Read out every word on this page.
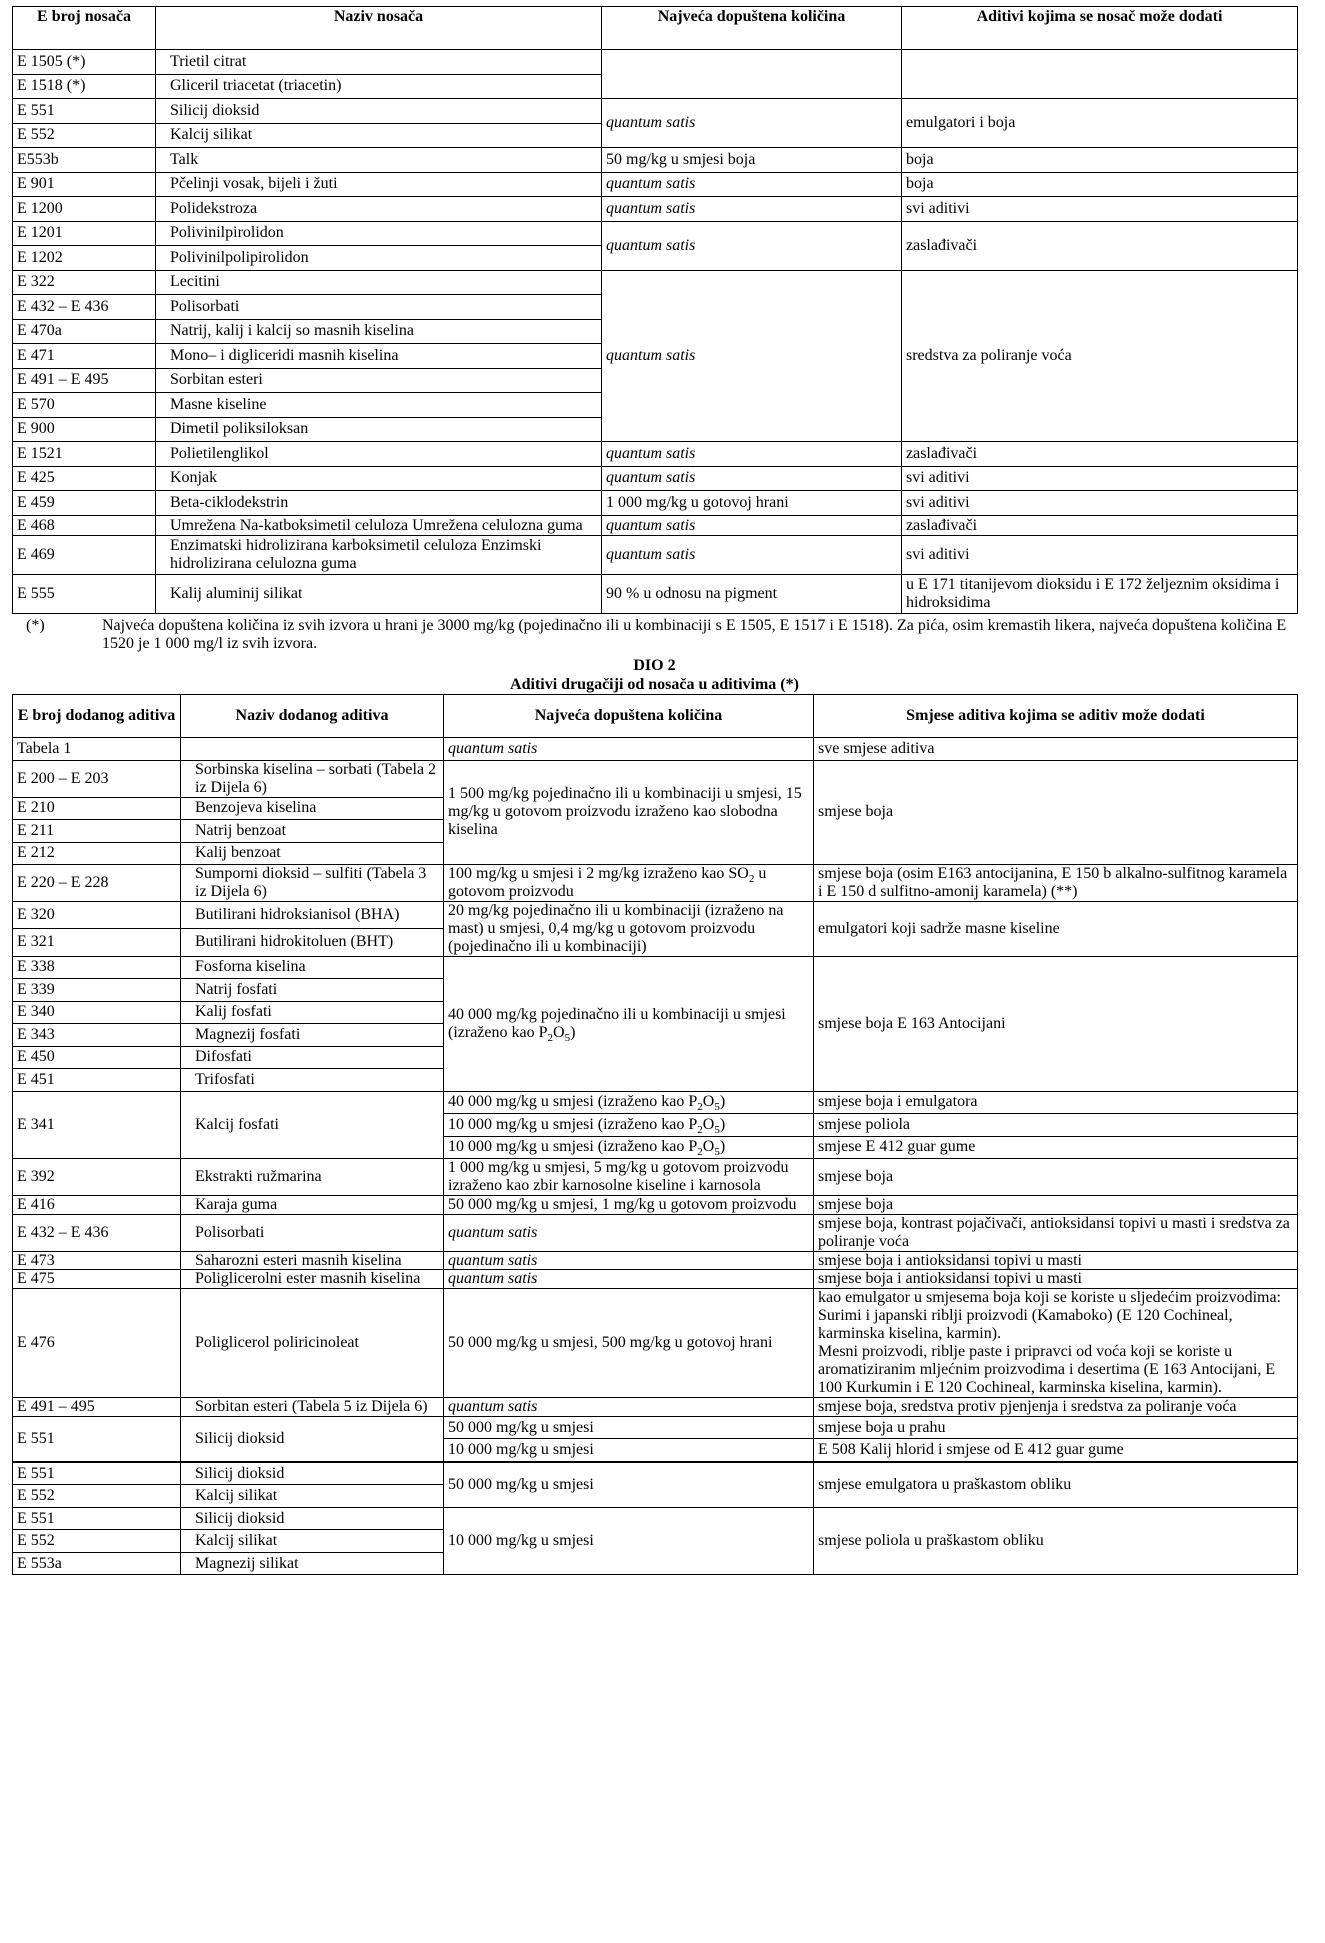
E broj nosača	Naziv nosača	Najveća dopuštena količina	Aditivi kojima se nosač može dodati
E 1505 (*)	Trietil citrat		
E 1518 (*)	Gliceril triacetat (triacetin)		
E 551	Silicij dioksid	quantum satis	emulgatori i boja
E 552	Kalcij silikat		
E553b	Talk	50 mg/kg u smjesi boja	boja
E 901	Pčelinji vosak, bijeli i žuti	quantum satis	boja
E 1200	Polidekstroza	quantum satis	svi aditivi
E 1201	Polivinilpirolidon	quantum satis	zaslađivači
E 1202	Polivinilpolipirolidon		
E 322	Lecitini	quantum satis	sredstva za poliranje voća
E 432 – E 436	Polisorbati		
E 470a	Natrij, kalij i kalcij so masnih kiselina		
E 471	Mono– i digliceridi masnih kiselina		
E 491 – E 495	Sorbitan esteri		
E 570	Masne kiseline		
E 900	Dimetil poliksiloksan		
E 1521	Polietilenglikol	quantum satis	zaslađivači
E 425	Konjak	quantum satis	svi aditivi
E 459	Beta-ciklodekstrin	1 000 mg/kg u gotovoj hrani	svi aditivi
E 468	Umrežena Na-katboksimetil celuloza Umrežena celulozna guma	quantum satis	zaslađivači
E 469	Enzimatski hidrolizirana karboksimetil celuloza Enzimski hidrolizirana celulozna guma	quantum satis	svi aditivi
E 555	Kalij aluminij silikat	90 % u odnosu na pigment	u E 171 titanijevom dioksidu i E 172 željeznim oksidima i hidroksidima
(*)	Najveća dopuštena količina iz svih izvora u hrani je 3000 mg/kg (pojedinačno ili u kombinaciji s E 1505, E 1517 i E 1518). Za pića, osim kremastih likera, najveća dopuštena količina E 1520 je 1 000 mg/l iz svih izvora.
DIO 2
Aditivi drugačiji od nosača u aditivima (*)
E broj dodanog aditiva	Naziv dodanog aditiva	Najveća dopuštena količina	Smjese aditiva kojima se aditiv može dodati
Tabela 1		quantum satis	sve smjese aditiva
E 200 – E 203	Sorbinska kiselina – sorbati (Tabela 2 iz Dijela 6)	1 500 mg/kg pojedinačno ili u kombinaciji u smjesi, 15 mg/kg u gotovom proizvodu izraženo kao slobodna kiselina	smjese boja
E 210	Benzojeva kiselina		
E 211	Natrij benzoat		
E 212	Kalij benzoat		
E 220 – E 228	Sumporni dioksid – sulfiti (Tabela 3 iz Dijela 6)	100 mg/kg u smjesi i 2 mg/kg izraženo kao $SO_2$ u gotovom proizvodu	smjese boja (osim E163 antocijanina, E 150 b alkalno-sulfitnog karamela i E 150 d sulfitno-amonij karamela) (**)
E 320	Butilirani hidroksianisol (BHA)	20 mg/kg pojedinačno ili u kombinaciji (izraženo na mast) u smjesi, 0,4 mg/kg u gotovom proizvodu (pojedinačno ili u kombinaciji)	emulgatori koji sadrže masne kiseline
E 321	Butilirani hidrokitoluen (BHT)		
E 338	Fosforna kiselina	40 000 mg/kg pojedinačno ili u kombinaciji u smjesi (izraženo kao $P_2O_5$)	smjese boja E 163 Antocijani
E 339	Natrij fosfati		
E 340	Kalij fosfati		
E 343	Magnezij fosfati		
E 450	Difosfati		
E 451	Trifosfati		
E 341	Kalcij fosfati	40 000 mg/kg u smjesi (izraženo kao $P_2O_5$)	smjese boja i emulgatora
		10 000 mg/kg u smjesi (izraženo kao $P_2O_5$)	smjese poliola
		10 000 mg/kg u smjesi (izraženo kao $P_2O_5$)	smjese E 412 guar gume
E 392	Ekstrakti ružmarina	1 000 mg/kg u smjesi, 5 mg/kg u gotovom proizvodu izraženo kao zbir karnosolne kiseline i karnosola	smjese boja
E 416	Karaja guma	50 000 mg/kg u smjesi, 1 mg/kg u gotovom proizvodu	smjese boja
E 432 – E 436	Polisorbati	quantum satis	smjese boja, kontrast pojačivači, antioksidansi topivi u masti i sredstva za poliranje voća
E 473	Saharozni esteri masnih kiselina	quantum satis	smjese boja i antioksidansi topivi u masti
E 475	Poliglicerolni ester masnih kiselina	quantum satis	smjese boja i antioksidansi topivi u masti
E 476	Poliglicerol poliricinoleat	50 000 mg/kg u smjesi, 500 mg/kg u gotovoj hrani	kao emulgator u smjesema boja koji se koriste u sljedećim proizvodima:
Surimi i japanski riblji proizvodi (Kamaboko) (E 120 Cochineal, karminska kiselina, karmin).
Mesni proizvodi, riblje paste i pripravci od voća koji se koriste u aromatiziranim mljećnim proizvodima i desertima (E 163 Antocijani, E 100 Kurkumin i E 120 Cochineal, karminska kiselina, karmin).

E 491 – 495	Sorbitan esteri (Tabela 5 iz Dijela 6)	quantum satis	smjese boja, sredstva protiv pjenjenja i sredstva za poliranje voća
E 551	Silicij dioksid	50 000 mg/kg u smjesi	smjese boja u prahu
		10 000 mg/kg u smjesi	E 508 Kalij hlorid i smjese od E 412 guar gume
E 551	Silicij dioksid	50 000 mg/kg u smjesi	smjese emulgatora u praškastom obliku
E 552	Kalcij silikat		
E 551	Silicij dioksid	10 000 mg/kg u smjesi	smjese poliola u praškastom obliku
E 552	Kalcij silikat		
E 553a	Magnezij silikat		
